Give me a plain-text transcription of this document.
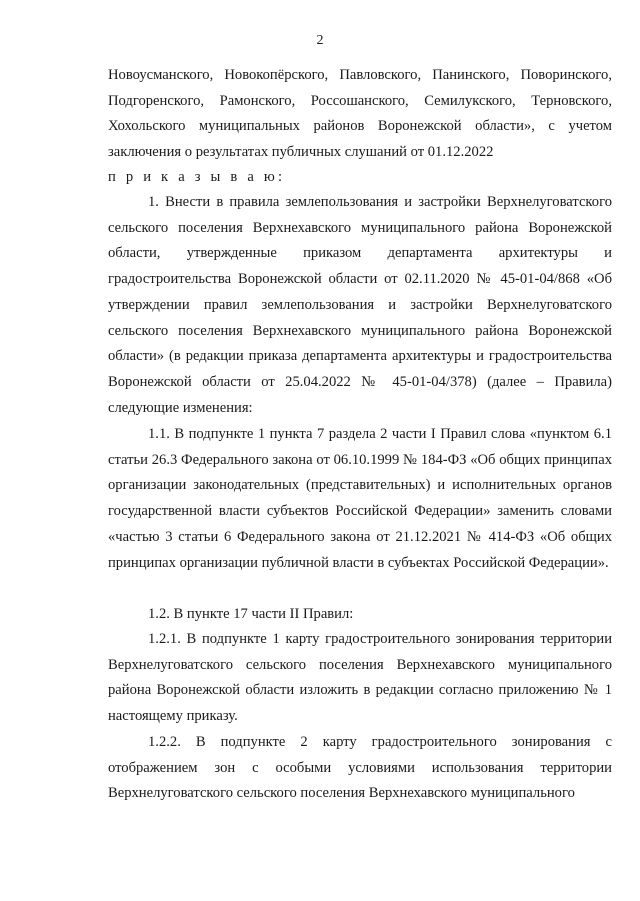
2

Новоусманского, Новокопёрского, Павловского, Панинского, Поворинского, Подгоренского, Рамонского, Россошанского, Семилукского, Терновского, Хохольского муниципальных районов Воронежской области», с учетом заключения о результатах публичных слушаний от 01.12.2022

п р и к а з ы в а ю:

1. Внести в правила землепользования и застройки Верхнелуговатского сельского поселения Верхнехавского муниципального района Воронежской области, утвержденные приказом департамента архитектуры и градостроительства Воронежской области от 02.11.2020 № 45-01-04/868 «Об утверждении правил землепользования и застройки Верхнелуговатского сельского поселения Верхнехавского муниципального района Воронежской области» (в редакции приказа департамента архитектуры и градостроительства Воронежской области от 25.04.2022 № 45-01-04/378) (далее – Правила) следующие изменения:

1.1. В подпункте 1 пункта 7 раздела 2 части I Правил слова «пунктом 6.1 статьи 26.3 Федерального закона от 06.10.1999 № 184-ФЗ «Об общих принципах организации законодательных (представительных) и исполнительных органов государственной власти субъектов Российской Федерации» заменить словами «частью 3 статьи 6 Федерального закона от 21.12.2021 № 414-ФЗ «Об общих принципах организации публичной власти в субъектах Российской Федерации».

1.2. В пункте 17 части II Правил:

1.2.1. В подпункте 1 карту градостроительного зонирования территории Верхнелуговатского сельского поселения Верхнехавского муниципального района Воронежской области изложить в редакции согласно приложению № 1 настоящему приказу.

1.2.2. В подпункте 2 карту градостроительного зонирования с отображением зон с особыми условиями использования территории Верхнелуговатского сельского поселения Верхнехавского муниципального
